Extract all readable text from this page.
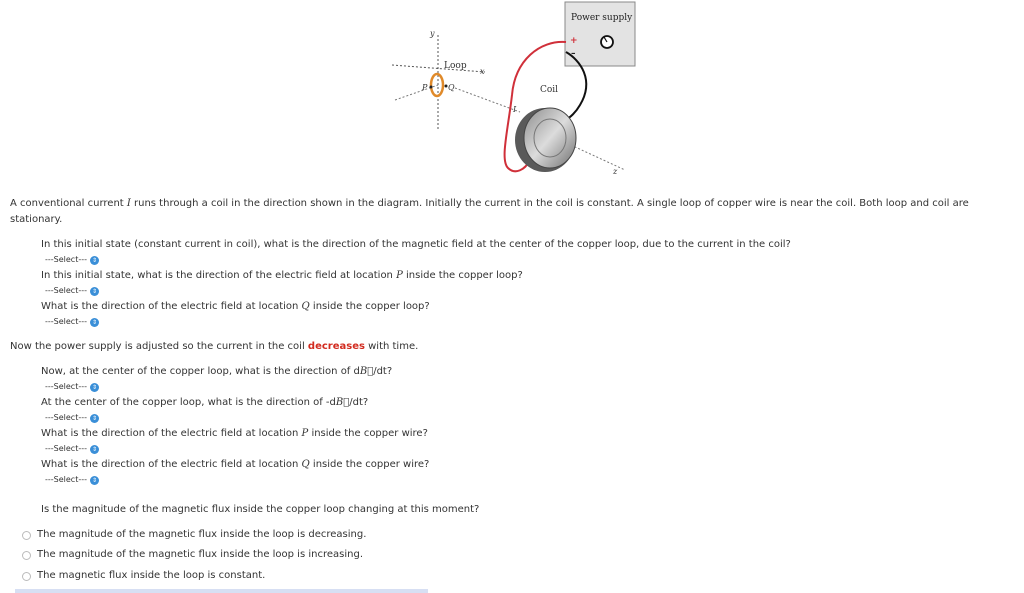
y
Loop
x
P	Q
Power supply
+
–
Coil
I
z
A conventional current I runs through a coil in the direction shown in the diagram. Initially the current in the coil is constant. A single loop of copper wire is near the coil. Both loop and coil are
stationary.
In this initial state (constant current in coil), what is the direction of the magnetic field at the center of the copper loop, due to the current in the coil?
---Select--- ⇕
In this initial state, what is the direction of the electric field at location P inside the copper loop?
---Select--- ⇕
What is the direction of the electric field at location Q inside the copper loop?
---Select--- ⇕
Now the power supply is adjusted so the current in the coil decreases with time.
Now, at the center of the copper loop, what is the direction of dB⃗/dt?
---Select--- ⇕
At the center of the copper loop, what is the direction of -dB⃗/dt?
---Select--- ⇕
What is the direction of the electric field at location P inside the copper wire?
---Select--- ⇕
What is the direction of the electric field at location Q inside the copper wire?
---Select--- ⇕
Is the magnitude of the magnetic flux inside the copper loop changing at this moment?
The magnitude of the magnetic flux inside the loop is decreasing.
The magnitude of the magnetic flux inside the loop is increasing.
The magnetic flux inside the loop is constant.
